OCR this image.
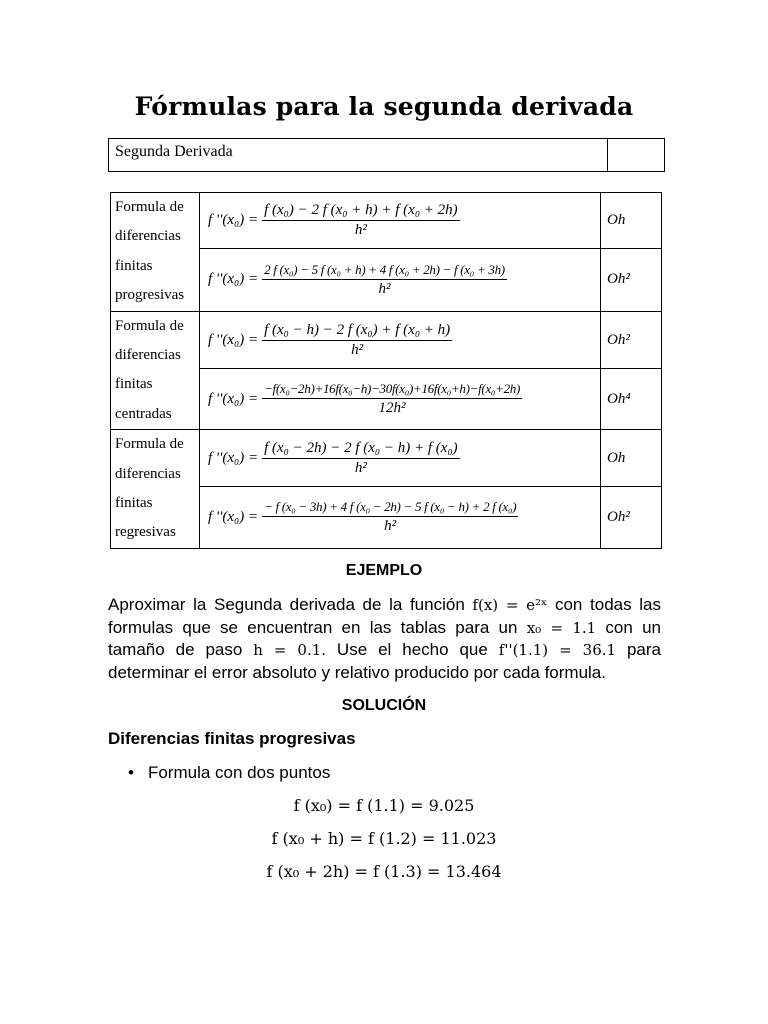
Fórmulas para la segunda derivada
Segunda Derivada
Formula de
diferencias
finitas
progresivas	f ''$(x_0) = \frac{\text{f (x₀) − 2 f (x₀ + h) + f (x₀ + 2h)}}{\text{h²}}$	Oh

	f ''$(x_0) = \frac{\text{2 f (x₀) − 5 f (x₀ + h) + 4 f (x₀ + 2h) − f (x₀ + 3h)}}{\text{h²}}$	Oh²
Formula de
diferencias
finitas
centradas	f ''$(x_0) = \frac{\text{f (x₀ − h) − 2 f (x₀) + f (x₀ + h)}}{\text{h²}}$	Oh²

	f ''$(x_0) = \frac{\text{−f(x₀−2h)+16f(x₀−h)−30f(x₀)+16f(x₀+h)−f(x₀+2h)}}{\text{12h²}}$	Oh⁴
Formula de
diferencias
finitas
regresivas	f ''$(x_0) = \frac{\text{f (x₀ − 2h) − 2 f (x₀ − h) + f (x₀)}}{\text{h²}}$	Oh

	f ''$(x_0) = \frac{\text{− f (x₀ − 3h) + 4 f (x₀ − 2h) − 5 f (x₀ − h) + 2 f (x₀)}}{\text{h²}}$	Oh²
EJEMPLO
Aproximar la Segunda derivada de la función f(x) = e²ˣ con todas las formulas que se encuentran en las tablas para un x₀ = 1.1 con un tamaño de paso h = 0.1. Use el hecho que f''(1.1) = 36.1 para determinar el error absoluto y relativo producido por cada formula.
SOLUCIÓN
Diferencias finitas progresivas
• Formula con dos puntos
f (x₀) = f (1.1) = 9.025
f (x₀ + h) = f (1.2) = 11.023
f (x₀ + 2h) = f (1.3) = 13.464
